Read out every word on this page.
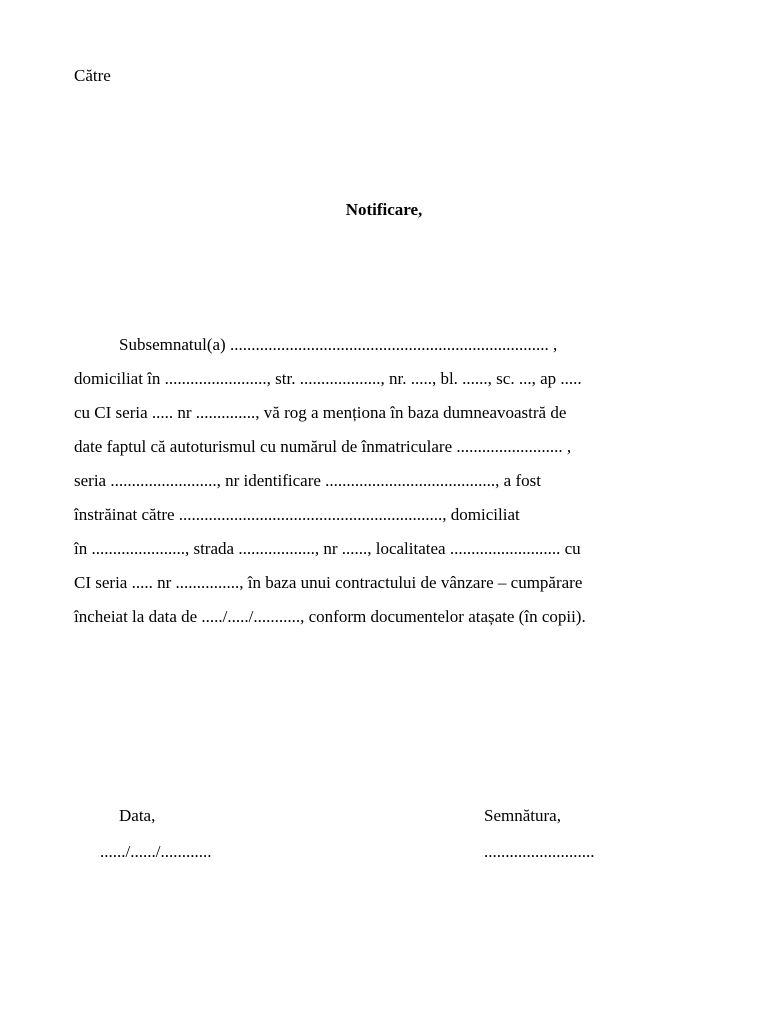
Către
Notificare,
Subsemnatul(a) ........................................................................... ,
domiciliat în ........................, str. ..................., nr. ....., bl. ......, sc. ..., ap .....
cu CI seria ..... nr .............., vă rog a menționa în baza dumneavoastră de
date faptul că autoturismul cu numărul de înmatriculare ......................... ,
seria ........................., nr identificare ........................................, a fost
înstrăinat către .............................................................., domiciliat
în ......................, strada .................., nr ......, localitatea .......................... cu
CI seria ..... nr ..............., în baza unui contractului de vânzare – cumpărare
încheiat la data de ...../...../..........., conform documentelor atașate (în copii).
Data,
....../....../............
Semnătura,
..........................
